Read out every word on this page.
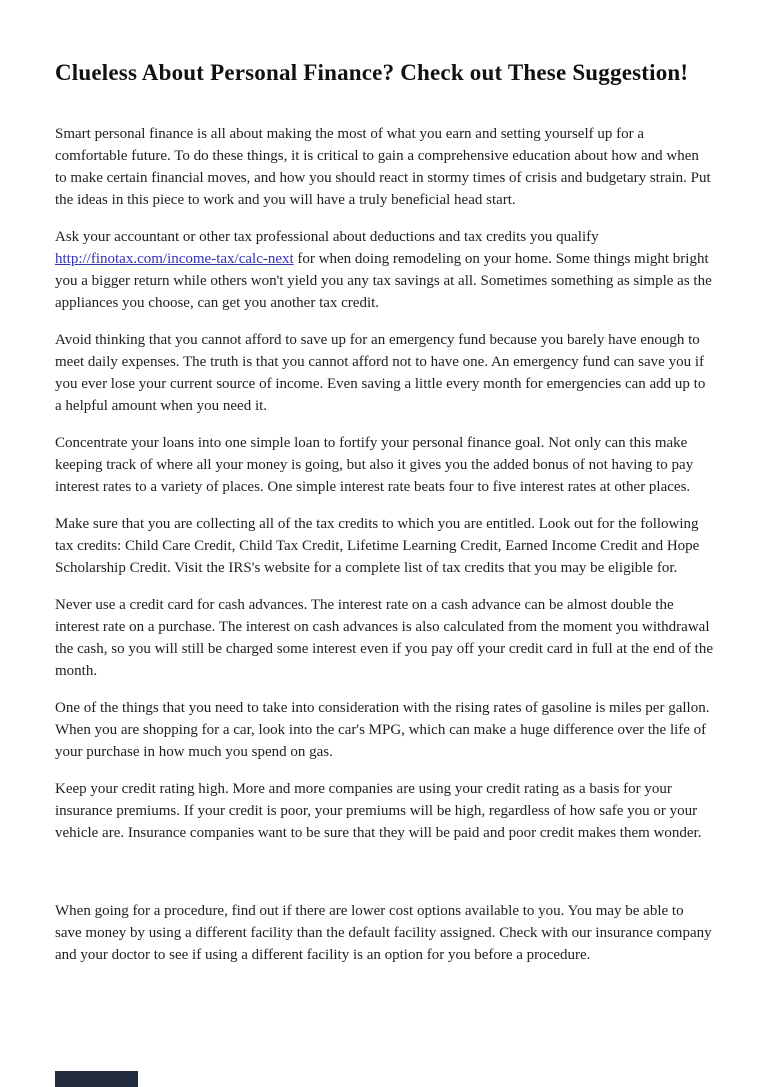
Clueless About Personal Finance? Check out These Suggestion!

Smart personal finance is all about making the most of what you earn and setting yourself up for a comfortable future. To do these things, it is critical to gain a comprehensive education about how and when to make certain financial moves, and how you should react in stormy times of crisis and budgetary strain. Put the ideas in this piece to work and you will have a truly beneficial head start.

Ask your accountant or other tax professional about deductions and tax credits you qualify http://finotax.com/income-tax/calc-next for when doing remodeling on your home. Some things might bright you a bigger return while others won't yield you any tax savings at all. Sometimes something as simple as the appliances you choose, can get you another tax credit.

Avoid thinking that you cannot afford to save up for an emergency fund because you barely have enough to meet daily expenses. The truth is that you cannot afford not to have one. An emergency fund can save you if you ever lose your current source of income. Even saving a little every month for emergencies can add up to a helpful amount when you need it.

Concentrate your loans into one simple loan to fortify your personal finance goal. Not only can this make keeping track of where all your money is going, but also it gives you the added bonus of not having to pay interest rates to a variety of places. One simple interest rate beats four to five interest rates at other places.

Make sure that you are collecting all of the tax credits to which you are entitled. Look out for the following tax credits: Child Care Credit, Child Tax Credit, Lifetime Learning Credit, Earned Income Credit and Hope Scholarship Credit. Visit the IRS's website for a complete list of tax credits that you may be eligible for.

Never use a credit card for cash advances. The interest rate on a cash advance can be almost double the interest rate on a purchase. The interest on cash advances is also calculated from the moment you withdrawal the cash, so you will still be charged some interest even if you pay off your credit card in full at the end of the month.

One of the things that you need to take into consideration with the rising rates of gasoline is miles per gallon. When you are shopping for a car, look into the car's MPG, which can make a huge difference over the life of your purchase in how much you spend on gas.

Keep your credit rating high. More and more companies are using your credit rating as a basis for your insurance premiums. If your credit is poor, your premiums will be high, regardless of how safe you or your vehicle are. Insurance companies want to be sure that they will be paid and poor credit makes them wonder.

When going for a procedure, find out if there are lower cost options available to you. You may be able to save money by using a different facility than the default facility assigned. Check with our insurance company and your doctor to see if using a different facility is an option for you before a procedure.
